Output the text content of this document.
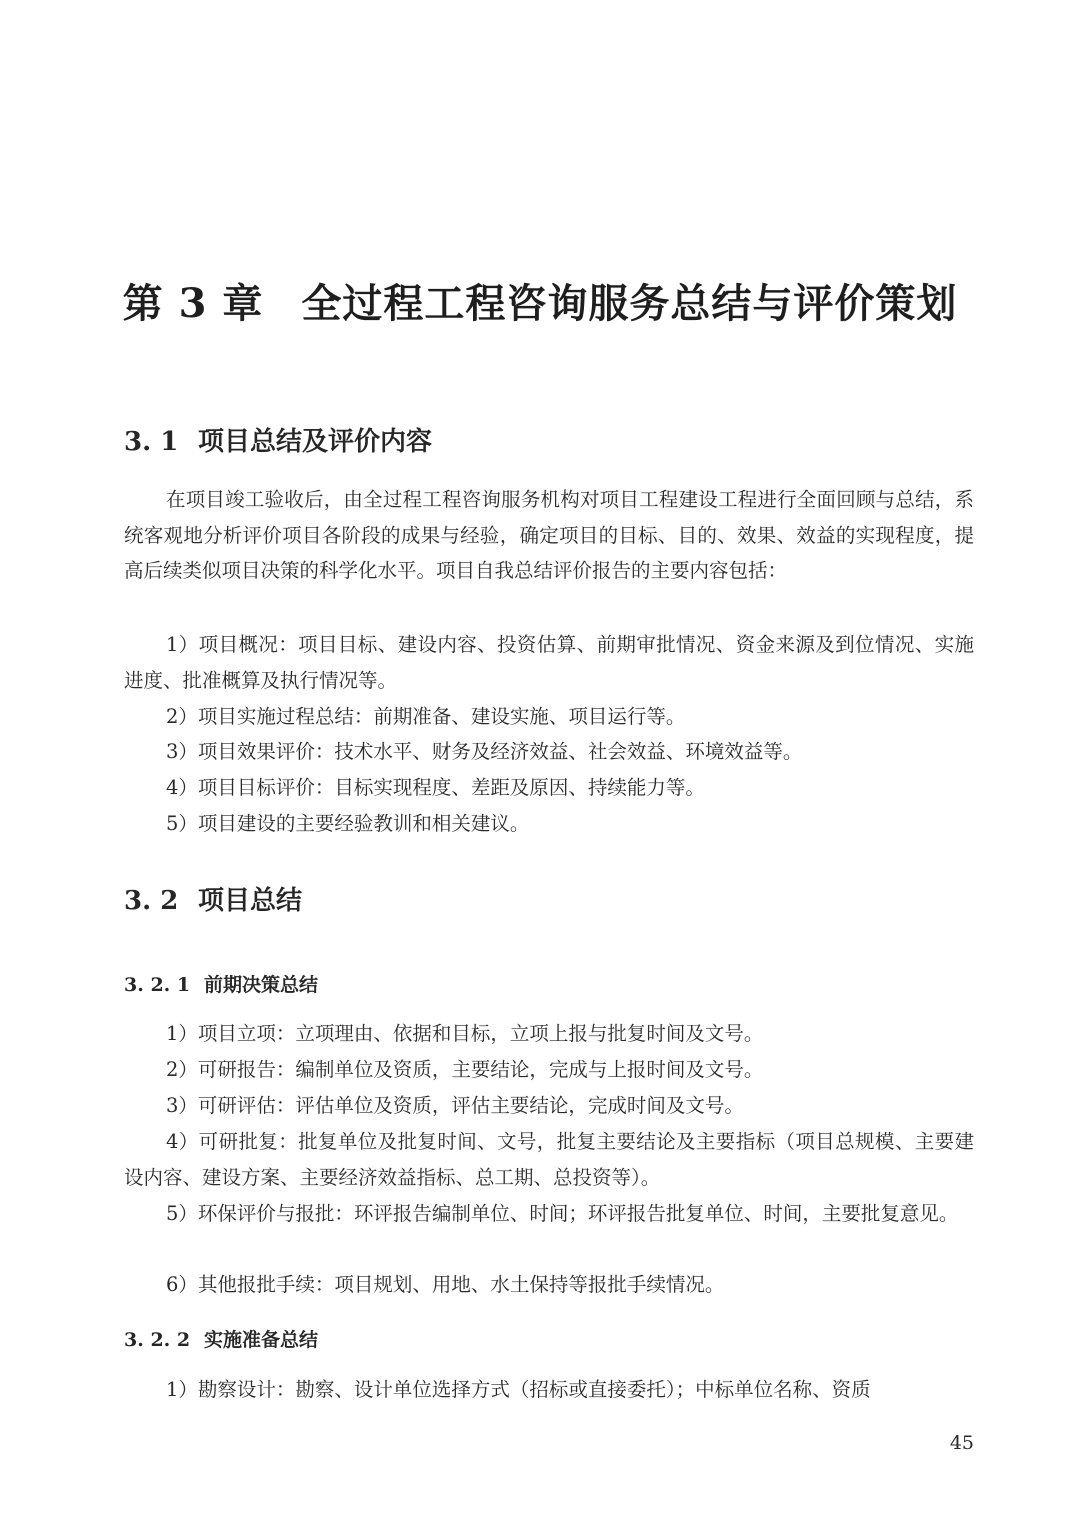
第 3 章 全过程工程咨询服务总结与评价策划
3. 1 项目总结及评价内容

在项目竣工验收后，由全过程工程咨询服务机构对项目工程建设工程进行全面回顾与总结，系统客观地分析评价项目各阶段的成果与经验，确定项目的目标、目的、效果、效益的实现程度，提高后续类似项目决策的科学化水平。项目自我总结评价报告的主要内容包括：

1）项目概况：项目目标、建设内容、投资估算、前期审批情况、资金来源及到位情况、实施进度、批准概算及执行情况等。

2）项目实施过程总结：前期准备、建设实施、项目运行等。

3）项目效果评价：技术水平、财务及经济效益、社会效益、环境效益等。

4）项目目标评价：目标实现程度、差距及原因、持续能力等。

5）项目建设的主要经验教训和相关建议。

3. 2 项目总结
3. 2. 1 前期决策总结

1）项目立项：立项理由、依据和目标，立项上报与批复时间及文号。

2）可研报告：编制单位及资质，主要结论，完成与上报时间及文号。

3）可研评估：评估单位及资质，评估主要结论，完成时间及文号。

4）可研批复：批复单位及批复时间、文号，批复主要结论及主要指标（项目总规模、主要建设内容、建设方案、主要经济效益指标、总工期、总投资等）。

5）环保评价与报批：环评报告编制单位、时间；环评报告批复单位、时间，主要批复意见。

6）其他报批手续：项目规划、用地、水土保持等报批手续情况。

3. 2. 2 实施准备总结

1）勘察设计：勘察、设计单位选择方式（招标或直接委托）；中标单位名称、资质

45
